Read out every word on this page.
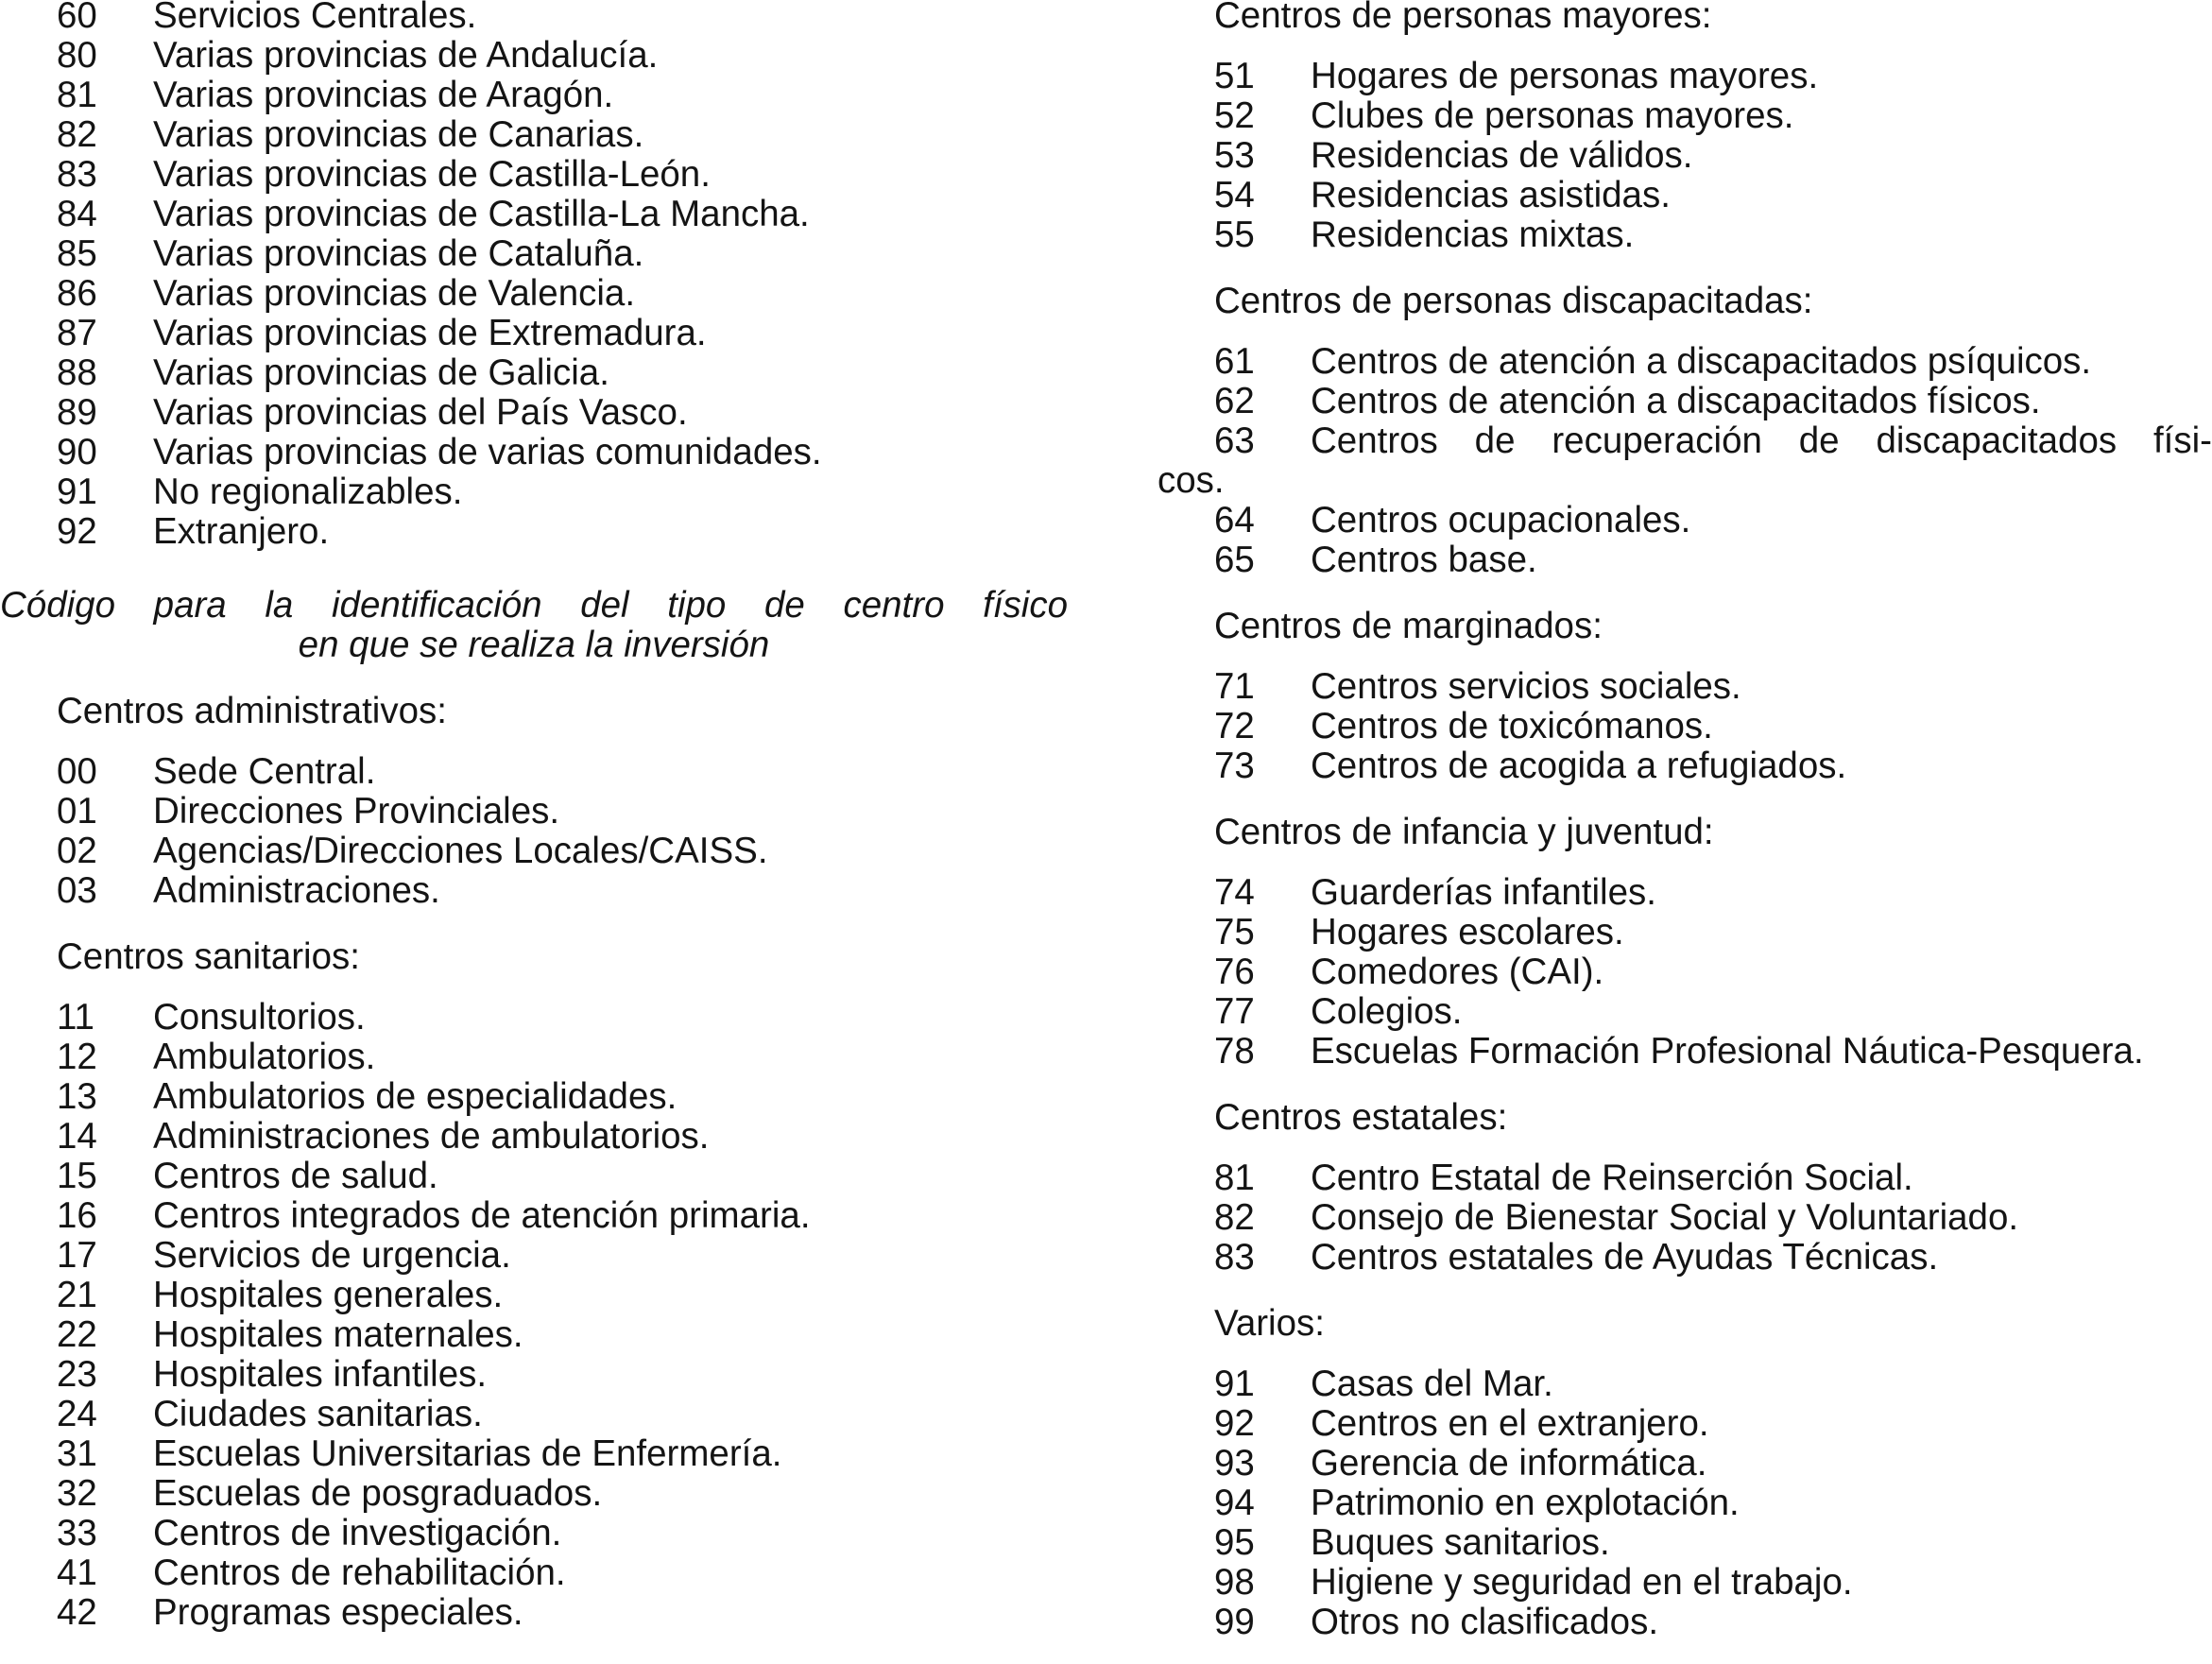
60	Servicios Centrales.
80	Varias provincias de Andalucía.
81	Varias provincias de Aragón.
82	Varias provincias de Canarias.
83	Varias provincias de Castilla-León.
84	Varias provincias de Castilla-La Mancha.
85	Varias provincias de Cataluña.
86	Varias provincias de Valencia.
87	Varias provincias de Extremadura.
88	Varias provincias de Galicia.
89	Varias provincias del País Vasco.
90	Varias provincias de varias comunidades.
91	No regionalizables.
92	Extranjero.
Código para la identificación del tipo de centro físico
en que se realiza la inversión
Centros administrativos:
00	Sede Central.
01	Direcciones Provinciales.
02	Agencias/Direcciones Locales/CAISS.
03	Administraciones.
Centros sanitarios:
11	Consultorios.
12	Ambulatorios.
13	Ambulatorios de especialidades.
14	Administraciones de ambulatorios.
15	Centros de salud.
16	Centros integrados de atención primaria.
17	Servicios de urgencia.
21	Hospitales generales.
22	Hospitales maternales.
23	Hospitales infantiles.
24	Ciudades sanitarias.
31	Escuelas Universitarias de Enfermería.
32	Escuelas de posgraduados.
33	Centros de investigación.
41	Centros de rehabilitación.
42	Programas especiales.
Centros de personas mayores:
51	Hogares de personas mayores.
52	Clubes de personas mayores.
53	Residencias de válidos.
54	Residencias asistidas.
55	Residencias mixtas.
Centros de personas discapacitadas:
61	Centros de atención a discapacitados psíquicos.
62	Centros de atención a discapacitados físicos.
63	Centros de recuperación de discapacitados físi-
cos.
64	Centros ocupacionales.
65	Centros base.
Centros de marginados:
71	Centros servicios sociales.
72	Centros de toxicómanos.
73	Centros de acogida a refugiados.
Centros de infancia y juventud:
74	Guarderías infantiles.
75	Hogares escolares.
76	Comedores (CAI).
77	Colegios.
78	Escuelas Formación Profesional Náutica-Pesquera.
Centros estatales:
81	Centro Estatal de Reinserción Social.
82	Consejo de Bienestar Social y Voluntariado.
83	Centros estatales de Ayudas Técnicas.
Varios:
91	Casas del Mar.
92	Centros en el extranjero.
93	Gerencia de informática.
94	Patrimonio en explotación.
95	Buques sanitarios.
98	Higiene y seguridad en el trabajo.
99	Otros no clasificados.
